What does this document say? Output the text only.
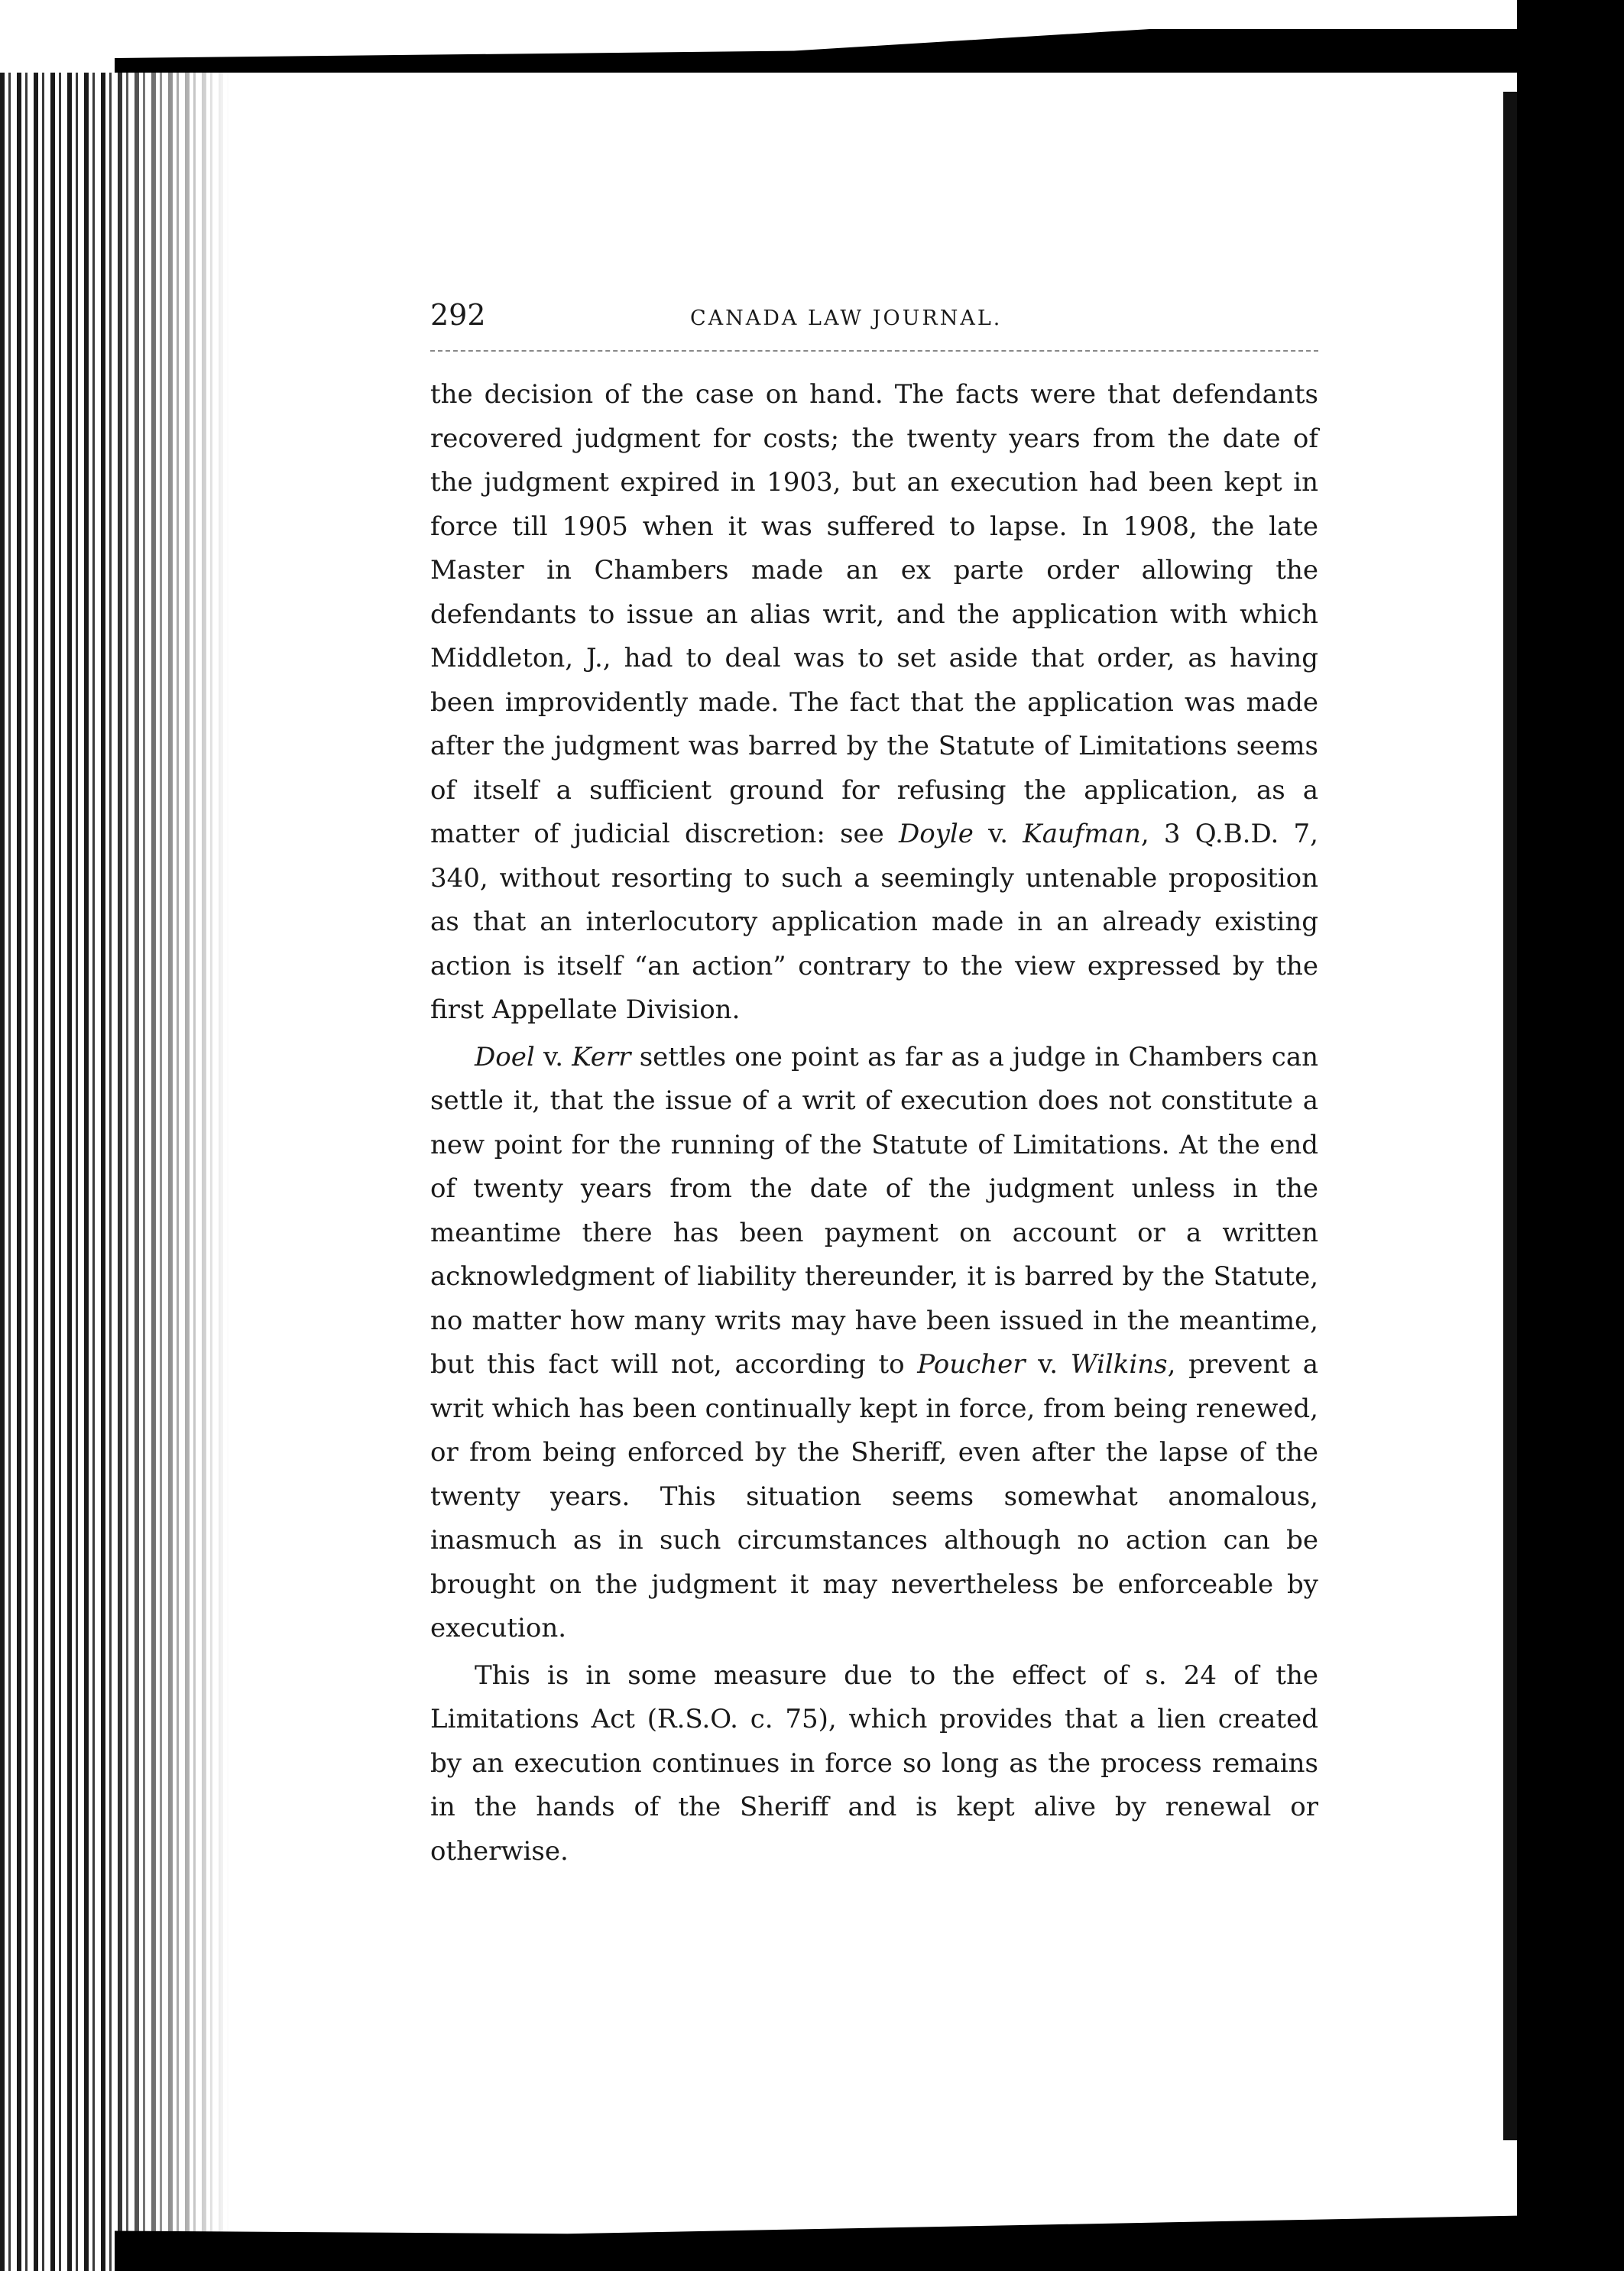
292	CANADA LAW JOURNAL.

the decision of the case on hand. The facts were that defendants recovered judgment for costs; the twenty years from the date of the judgment expired in 1903, but an execution had been kept in force till 1905 when it was suffered to lapse. In 1908, the late Master in Chambers made an ex parte order allowing the defendants to issue an alias writ, and the application with which Middleton, J., had to deal was to set aside that order, as having been improvidently made. The fact that the application was made after the judgment was barred by the Statute of Limitations seems of itself a sufficient ground for refusing the application, as a matter of judicial discretion: see Doyle v. Kaufman, 3 Q.B.D. 7, 340, without resorting to such a seemingly untenable proposition as that an interlocutory application made in an already existing action is itself “an action” contrary to the view expressed by the first Appellate Division.

Doel v. Kerr settles one point as far as a judge in Chambers can settle it, that the issue of a writ of execution does not constitute a new point for the running of the Statute of Limitations. At the end of twenty years from the date of the judgment unless in the meantime there has been payment on account or a written acknowledgment of liability thereunder, it is barred by the Statute, no matter how many writs may have been issued in the meantime, but this fact will not, according to Poucher v. Wilkins, prevent a writ which has been continually kept in force, from being renewed, or from being enforced by the Sheriff, even after the lapse of the twenty years. This situation seems somewhat anomalous, inasmuch as in such circumstances although no action can be brought on the judgment it may nevertheless be enforceable by execution.

This is in some measure due to the effect of s. 24 of the Limitations Act (R.S.O. c. 75), which provides that a lien created by an execution continues in force so long as the process remains in the hands of the Sheriff and is kept alive by renewal or otherwise.
